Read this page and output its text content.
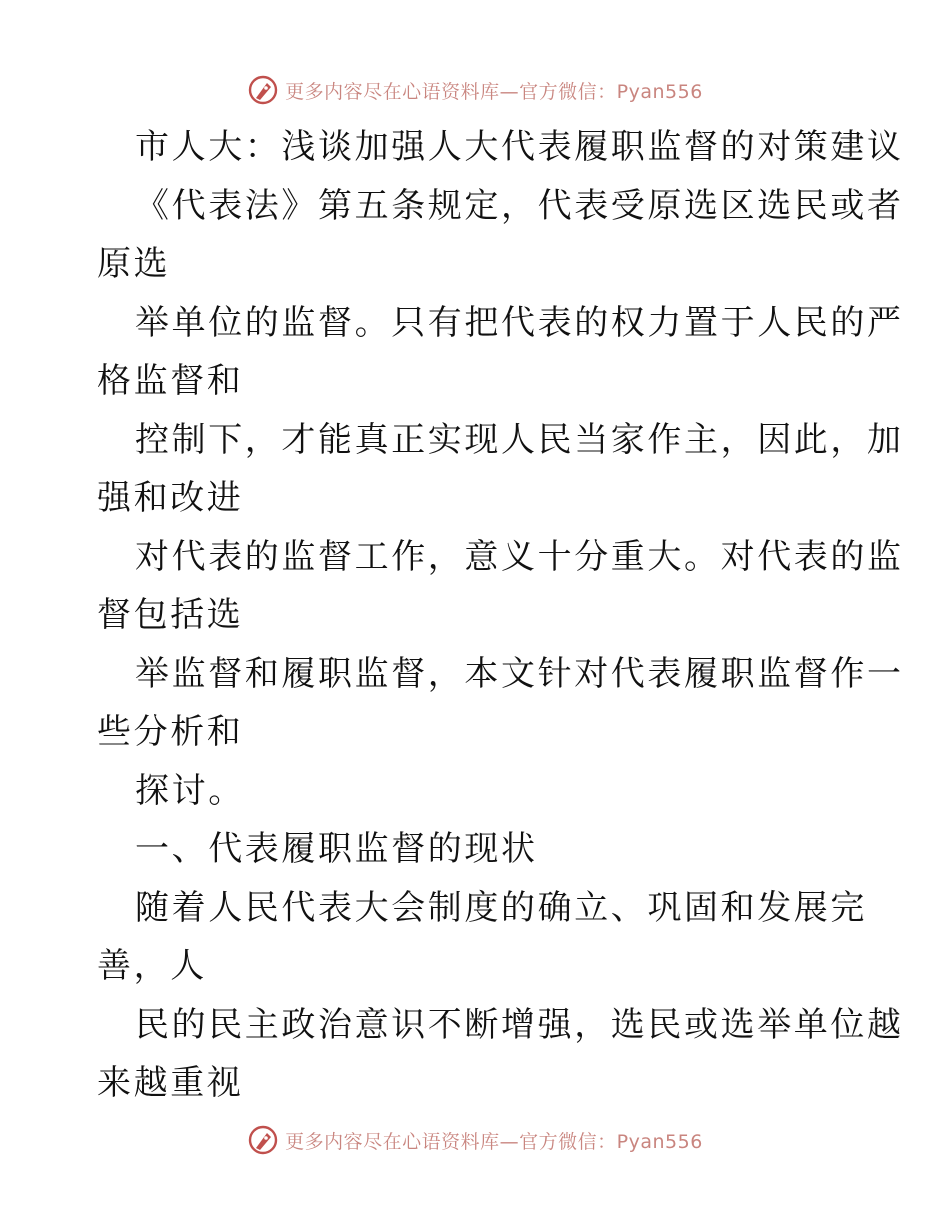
更多内容尽在心语资料库—官方微信：Pyan556
市人大：浅谈加强人大代表履职监督的对策建议
《代表法》第五条规定，代表受原选区选民或者
原选
举单位的监督。只有把代表的权力置于人民的严
格监督和
控制下，才能真正实现人民当家作主，因此，加
强和改进
对代表的监督工作，意义十分重大。对代表的监
督包括选
举监督和履职监督，本文针对代表履职监督作一
些分析和
探讨。
一、代表履职监督的现状
随着人民代表大会制度的确立、巩固和发展完
善，人
民的民主政治意识不断增强，选民或选举单位越
来越重视
更多内容尽在心语资料库—官方微信：Pyan556
